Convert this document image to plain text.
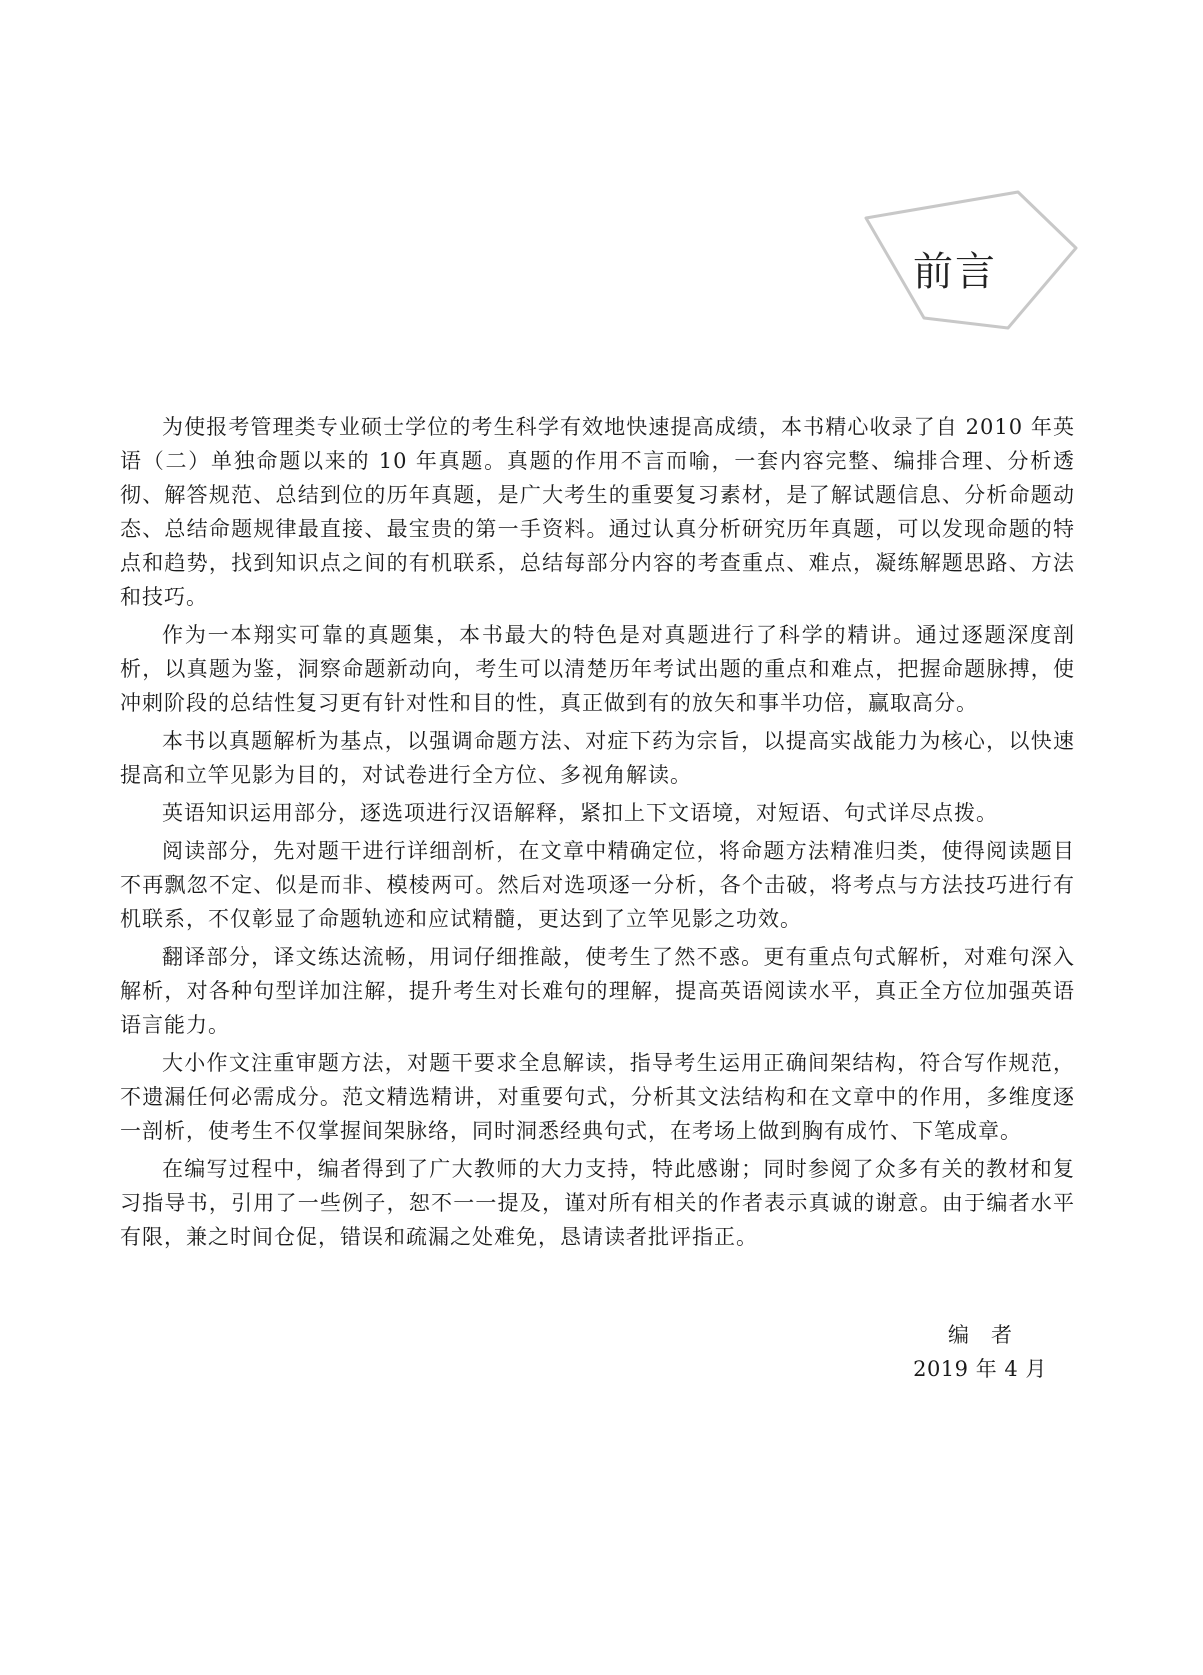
前言

为使报考管理类专业硕士学位的考生科学有效地快速提高成绩，本书精心收录了自 2010 年英语（二）单独命题以来的 10 年真题。真题的作用不言而喻，一套内容完整、编排合理、分析透彻、解答规范、总结到位的历年真题，是广大考生的重要复习素材，是了解试题信息、分析命题动态、总结命题规律最直接、最宝贵的第一手资料。通过认真分析研究历年真题，可以发现命题的特点和趋势，找到知识点之间的有机联系，总结每部分内容的考查重点、难点，凝练解题思路、方法和技巧。

作为一本翔实可靠的真题集，本书最大的特色是对真题进行了科学的精讲。通过逐题深度剖析，以真题为鉴，洞察命题新动向，考生可以清楚历年考试出题的重点和难点，把握命题脉搏，使冲刺阶段的总结性复习更有针对性和目的性，真正做到有的放矢和事半功倍，赢取高分。

本书以真题解析为基点，以强调命题方法、对症下药为宗旨，以提高实战能力为核心，以快速提高和立竿见影为目的，对试卷进行全方位、多视角解读。

英语知识运用部分，逐选项进行汉语解释，紧扣上下文语境，对短语、句式详尽点拨。

阅读部分，先对题干进行详细剖析，在文章中精确定位，将命题方法精准归类，使得阅读题目不再飘忽不定、似是而非、模棱两可。然后对选项逐一分析，各个击破，将考点与方法技巧进行有机联系，不仅彰显了命题轨迹和应试精髓，更达到了立竿见影之功效。

翻译部分，译文练达流畅，用词仔细推敲，使考生了然不惑。更有重点句式解析，对难句深入解析，对各种句型详加注解，提升考生对长难句的理解，提高英语阅读水平，真正全方位加强英语语言能力。

大小作文注重审题方法，对题干要求全息解读，指导考生运用正确间架结构，符合写作规范，不遗漏任何必需成分。范文精选精讲，对重要句式，分析其文法结构和在文章中的作用，多维度逐一剖析，使考生不仅掌握间架脉络，同时洞悉经典句式，在考场上做到胸有成竹、下笔成章。

在编写过程中，编者得到了广大教师的大力支持，特此感谢；同时参阅了众多有关的教材和复习指导书，引用了一些例子，恕不一一提及，谨对所有相关的作者表示真诚的谢意。由于编者水平有限，兼之时间仓促，错误和疏漏之处难免，恳请读者批评指正。

编者
2019 年 4 月
